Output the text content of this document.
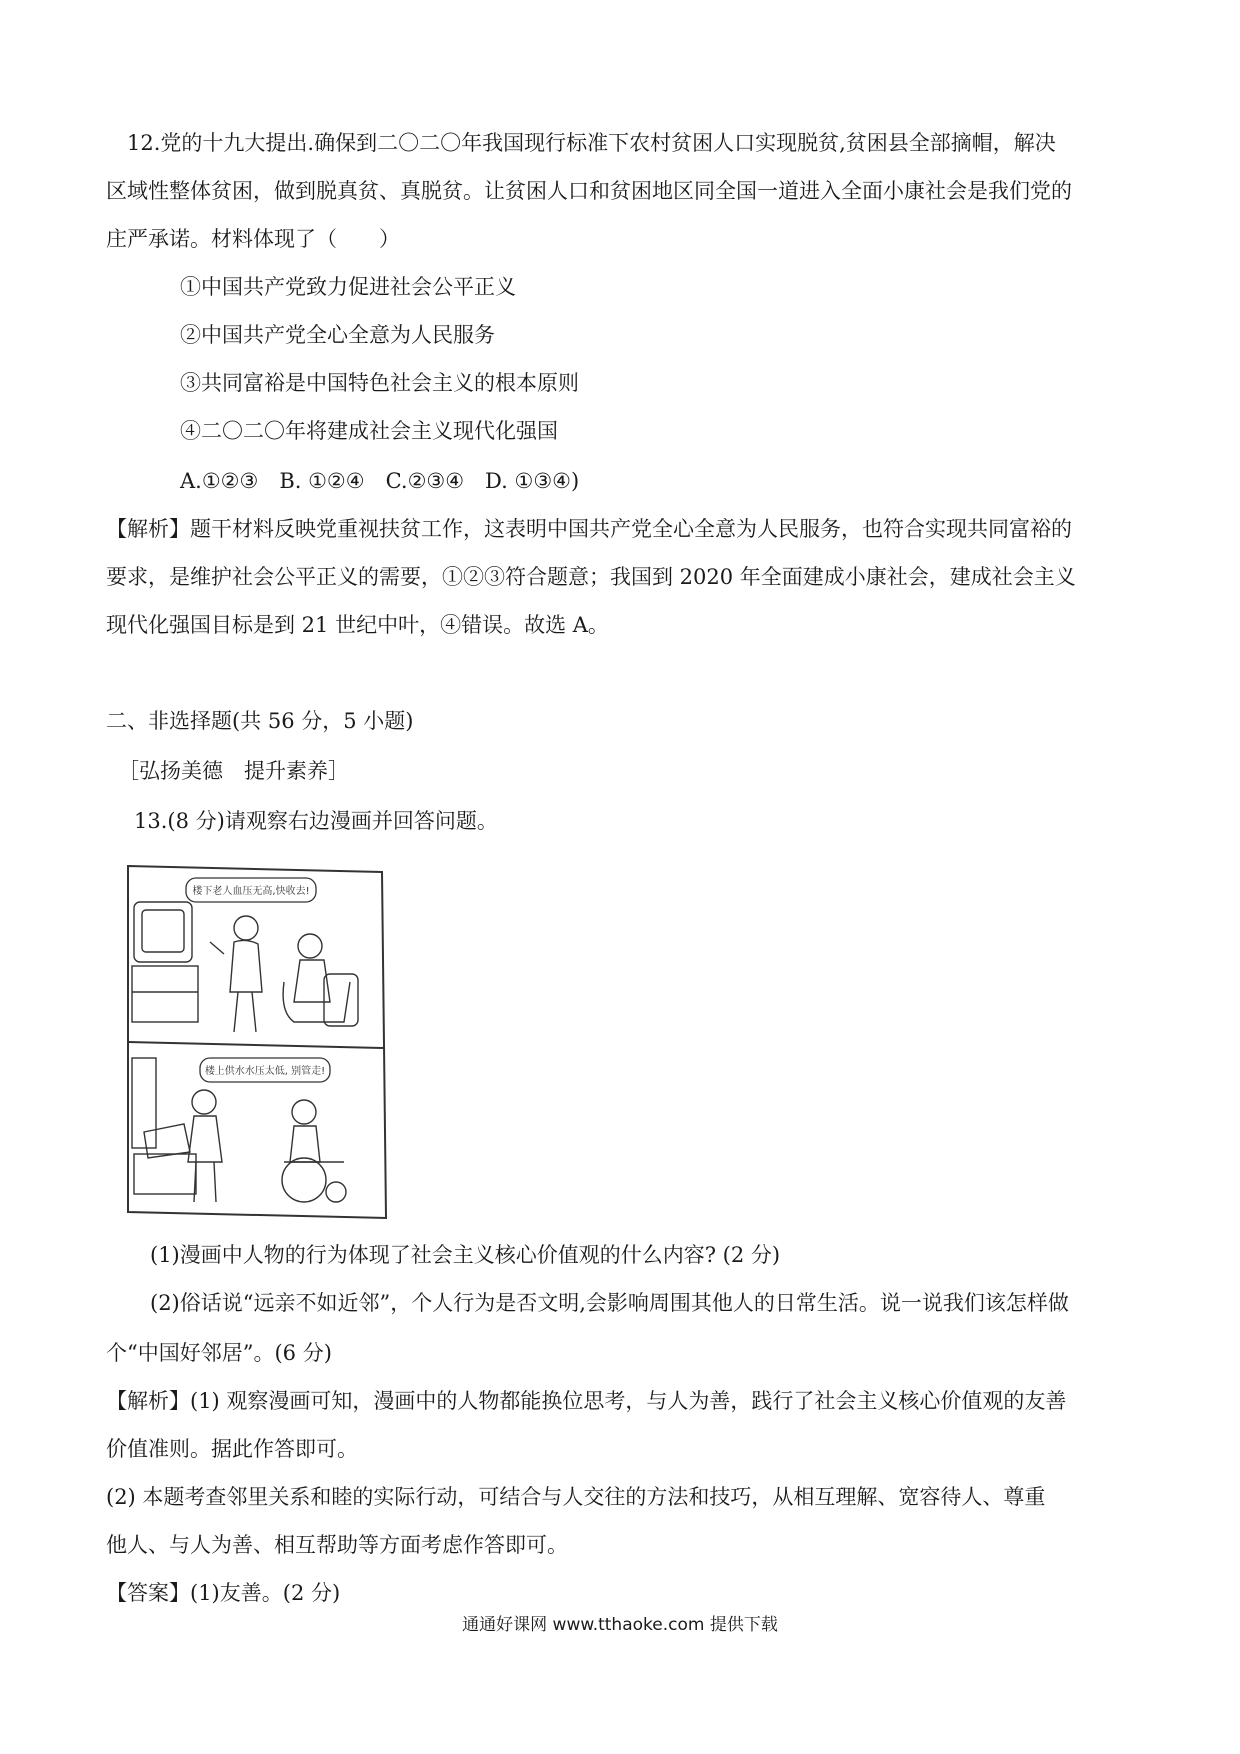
12.党的十九大提出.确保到二〇二〇年我国现行标准下农村贫困人口实现脱贫,贫困县全部摘帽，解决
区域性整体贫困，做到脱真贫、真脱贫。让贫困人口和贫困地区同全国一道进入全面小康社会是我们党的
庄严承诺。材料体现了（　　）
①中国共产党致力促进社会公平正义
②中国共产党全心全意为人民服务
③共同富裕是中国特色社会主义的根本原则
④二〇二〇年将建成社会主义现代化强国
A.①②③　B. ①②④　C.②③④　D. ①③④)
【解析】题干材料反映党重视扶贫工作，这表明中国共产党全心全意为人民服务，也符合实现共同富裕的
要求，是维护社会公平正义的需要，①②③符合题意；我国到 2020 年全面建成小康社会，建成社会主义
现代化强国目标是到 21 世纪中叶，④错误。故选 A。
二、非选择题(共 56 分，5 小题)
［弘扬美德　提升素养］
13.(8 分)请观察右边漫画并回答问题。
楼下老人血压无高,快收去!
楼上供水水压太低, 别管走!
(1)漫画中人物的行为体现了社会主义核心价值观的什么内容? (2 分)
(2)俗话说“远亲不如近邻”，个人行为是否文明,会影响周围其他人的日常生活。说一说我们该怎样做
个“中国好邻居”。(6 分)
【解析】(1) 观察漫画可知，漫画中的人物都能换位思考，与人为善，践行了社会主义核心价值观的友善
价值准则。据此作答即可。
(2) 本题考查邻里关系和睦的实际行动，可结合与人交往的方法和技巧，从相互理解、宽容待人、尊重
他人、与人为善、相互帮助等方面考虑作答即可。
【答案】(1)友善。(2 分)
通通好课网 www.tthaoke.com 提供下载
